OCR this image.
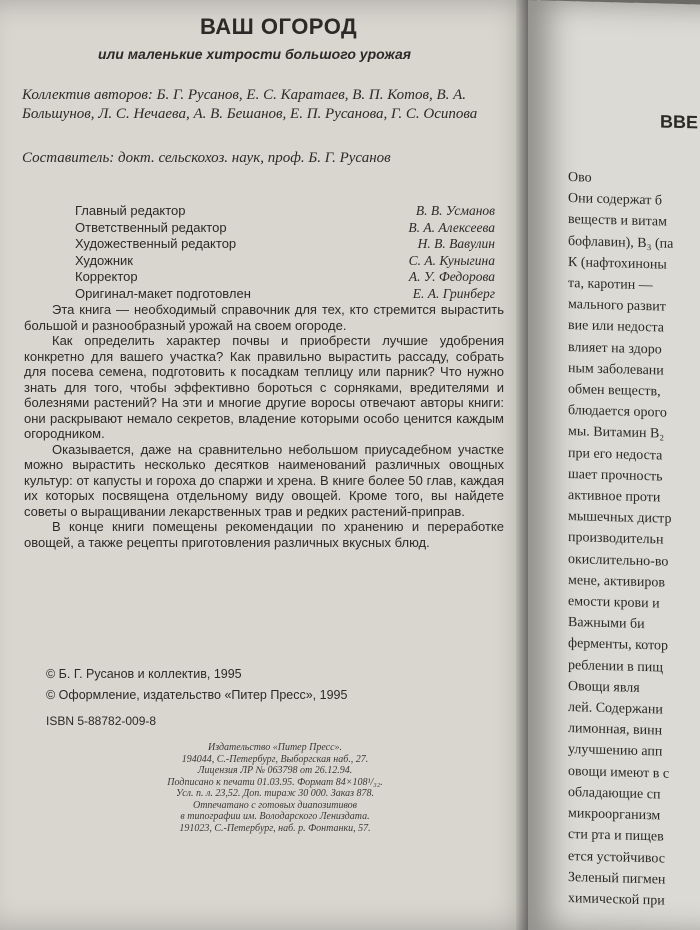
ВАШ ОГОРОД
или маленькие хитрости большого урожая
Коллектив авторов: Б. Г. Русанов, Е. С. Каратаев, В. П. Котов, В. А. Большунов, Л. С. Нечаева, А. В. Бешанов, Е. П. Русанова, Г. С. Осипова
Составитель: докт. сельскохоз. наук, проф. Б. Г. Русанов
Главный редактор	В. В. Усманов
Ответственный редактор	В. А. Алексеева
Художественный редактор	Н. В. Вавулин
Художник	С. А. Куныгина
Корректор	А. У. Федорова
Оригинал-макет подготовлен	Е. А. Гринберг

Эта книга — необходимый справочник для тех, кто стремится вырастить большой и разнообразный урожай на своем огороде.

Как определить характер почвы и приобрести лучшие удобрения конкретно для вашего участка? Как правильно вырастить рассаду, собрать для посева семена, подготовить к посадкам теплицу или парник? Что нужно знать для того, чтобы эффективно бороться с сорняками, вредителями и болезнями растений? На эти и многие другие воросы отвечают авторы книги: они раскрывают немало секретов, владение которыми особо ценится каждым огородником.

Оказывается, даже на сравнительно небольшом приусадебном участке можно вырастить несколько десятков наименований различных овощных культур: от капусты и гороха до спаржи и хрена. В книге более 50 глав, каждая их которых посвящена отдельному виду овощей. Кроме того, вы найдете советы о выращивании лекарственных трав и редких растений-приправ.

В конце книги помещены рекомендации по хранению и переработке овощей, а также рецепты приготовления различных вкусных блюд.

© Б. Г. Русанов и коллектив, 1995
© Оформление, издательство «Питер Пресс», 1995
ISBN 5-88782-009-8
Издательство «Питер Пресс».
194044, С.-Петербург, Выборгская наб., 27.
Лицензия ЛР № 063798 от 26.12.94.
Подписано к печати 01.03.95. Формат 84×108¹/₃₂.
Усл. п. л. 23,52. Доп. тираж 30 000. Заказ 878.
Отпечатано с готовых диапозитивов
в типографии им. Володарского Лениздата.
191023, С.-Петербург, наб. р. Фонтанки, 57.
ВВЕ
Ово
Они содержат б
веществ и витам
бофлавин), В₃ (па
К (нафтохиноны
та, каротин —
мального развит
вие или недоста
влияет на здоро
ным заболевани
обмен веществ,
блюдается орого
мы. Витамин В₂
при его недоста
шает прочность
активное проти
мышечных дистр
производительн
окислительно-во
мене, активиров
емости крови и
Важными би
ферменты, котор
реблении в пищ
Овощи явля
лей. Содержани
лимонная, винн
улучшению апп
овощи имеют в с
обладающие сп
микроорганизм
сти рта и пищев
ется устойчивос
Зеленый пигмен
химической при
